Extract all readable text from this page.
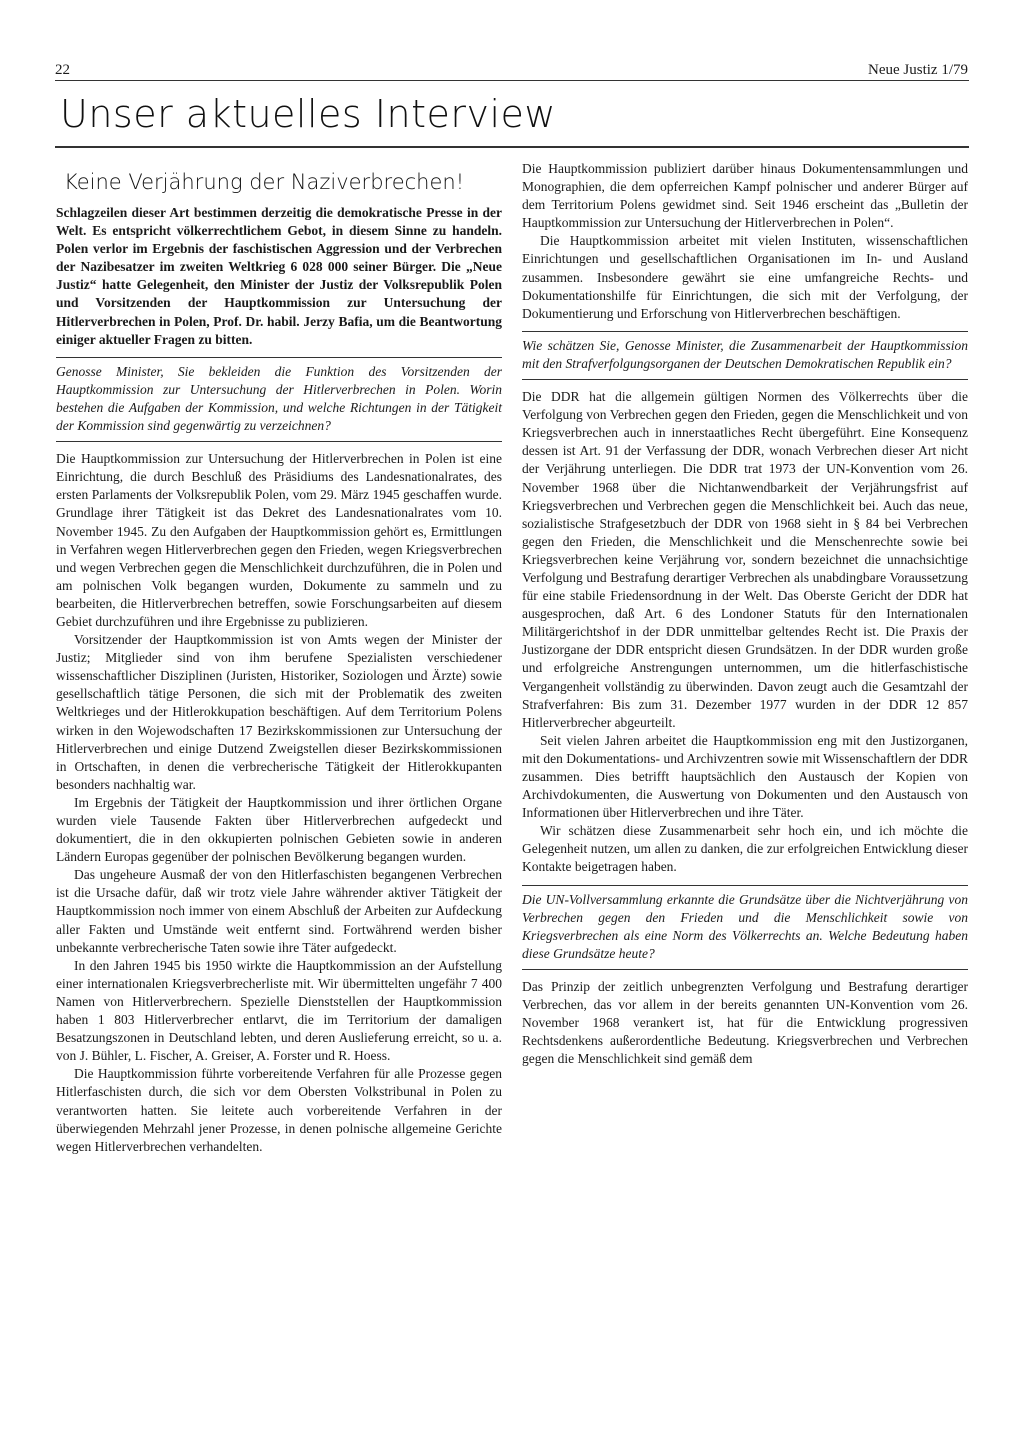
22	Neue Justiz 1/79
Unser aktuelles Interview
Keine Verjährung der Naziverbrechen!
Schlagzeilen dieser Art bestimmen derzeitig die demokratische Presse in der Welt. Es entspricht völkerrechtlichem Gebot, in diesem Sinne zu handeln. Polen verlor im Ergebnis der faschistischen Aggression und der Verbrechen der Nazibesatzer im zweiten Weltkrieg 6 028 000 seiner Bürger. Die „Neue Justiz“ hatte Gelegenheit, den Minister der Justiz der Volksrepublik Polen und Vorsitzenden der Hauptkommission zur Untersuchung der Hitlerverbrechen in Polen, Prof. Dr. habil. Jerzy Bafia, um die Beantwortung einiger aktueller Fragen zu bitten.
Genosse Minister, Sie bekleiden die Funktion des Vorsitzenden der Hauptkommission zur Untersuchung der Hitlerverbrechen in Polen. Worin bestehen die Aufgaben der Kommission, und welche Richtungen in der Tätigkeit der Kommission sind gegenwärtig zu verzeichnen?

Die Hauptkommission zur Untersuchung der Hitlerverbrechen in Polen ist eine Einrichtung, die durch Beschluß des Präsidiums des Landesnationalrates, des ersten Parlaments der Volksrepublik Polen, vom 29. März 1945 geschaffen wurde. Grundlage ihrer Tätigkeit ist das Dekret des Landesnationalrates vom 10. November 1945. Zu den Aufgaben der Hauptkommission gehört es, Ermittlungen in Verfahren wegen Hitlerverbrechen gegen den Frieden, wegen Kriegsverbrechen und wegen Verbrechen gegen die Menschlichkeit durchzuführen, die in Polen und am polnischen Volk begangen wurden, Dokumente zu sammeln und zu bearbeiten, die Hitlerverbrechen betreffen, sowie Forschungsarbeiten auf diesem Gebiet durchzuführen und ihre Ergebnisse zu publizieren.

Vorsitzender der Hauptkommission ist von Amts wegen der Minister der Justiz; Mitglieder sind von ihm berufene Spezialisten verschiedener wissenschaftlicher Disziplinen (Juristen, Historiker, Soziologen und Ärzte) sowie gesellschaftlich tätige Personen, die sich mit der Problematik des zweiten Weltkrieges und der Hitlerokkupation beschäftigen. Auf dem Territorium Polens wirken in den Wojewodschaften 17 Bezirkskommissionen zur Untersuchung der Hitlerverbrechen und einige Dutzend Zweigstellen dieser Bezirkskommissionen in Ortschaften, in denen die verbrecherische Tätigkeit der Hitlerokkupanten besonders nachhaltig war.

Im Ergebnis der Tätigkeit der Hauptkommission und ihrer örtlichen Organe wurden viele Tausende Fakten über Hitlerverbrechen aufgedeckt und dokumentiert, die in den okkupierten polnischen Gebieten sowie in anderen Ländern Europas gegenüber der polnischen Bevölkerung begangen wurden.

Das ungeheure Ausmaß der von den Hitlerfaschisten begangenen Verbrechen ist die Ursache dafür, daß wir trotz viele Jahre währender aktiver Tätigkeit der Hauptkommission noch immer von einem Abschluß der Arbeiten zur Aufdeckung aller Fakten und Umstände weit entfernt sind. Fortwährend werden bisher unbekannte verbrecherische Taten sowie ihre Täter aufgedeckt.

In den Jahren 1945 bis 1950 wirkte die Hauptkommission an der Aufstellung einer internationalen Kriegsverbrecherliste mit. Wir übermittelten ungefähr 7 400 Namen von Hitlerverbrechern. Spezielle Dienststellen der Hauptkommission haben 1 803 Hitlerverbrecher entlarvt, die im Territorium der damaligen Besatzungszonen in Deutschland lebten, und deren Auslieferung erreicht, so u. a. von J. Bühler, L. Fischer, A. Greiser, A. Forster und R. Hoess.

Die Hauptkommission führte vorbereitende Verfahren für alle Prozesse gegen Hitlerfaschisten durch, die sich vor dem Obersten Volkstribunal in Polen zu verantworten hatten. Sie leitete auch vorbereitende Verfahren in der überwiegenden Mehrzahl jener Prozesse, in denen polnische allgemeine Gerichte wegen Hitlerverbrechen verhandelten.

Die Hauptkommission publiziert darüber hinaus Dokumentensammlungen und Monographien, die dem opferreichen Kampf polnischer und anderer Bürger auf dem Territorium Polens gewidmet sind. Seit 1946 erscheint das „Bulletin der Hauptkommission zur Untersuchung der Hitlerverbrechen in Polen“.

Die Hauptkommission arbeitet mit vielen Instituten, wissenschaftlichen Einrichtungen und gesellschaftlichen Organisationen im In- und Ausland zusammen. Insbesondere gewährt sie eine umfangreiche Rechts- und Dokumentationshilfe für Einrichtungen, die sich mit der Verfolgung, der Dokumentierung und Erforschung von Hitlerverbrechen beschäftigen.

Wie schätzen Sie, Genosse Minister, die Zusammenarbeit der Hauptkommission mit den Strafverfolgungsorganen der Deutschen Demokratischen Republik ein?

Die DDR hat die allgemein gültigen Normen des Völkerrechts über die Verfolgung von Verbrechen gegen den Frieden, gegen die Menschlichkeit und von Kriegsverbrechen auch in innerstaatliches Recht übergeführt. Eine Konsequenz dessen ist Art. 91 der Verfassung der DDR, wonach Verbrechen dieser Art nicht der Verjährung unterliegen. Die DDR trat 1973 der UN-Konvention vom 26. November 1968 über die Nichtanwendbarkeit der Verjährungsfrist auf Kriegsverbrechen und Verbrechen gegen die Menschlichkeit bei. Auch das neue, sozialistische Strafgesetzbuch der DDR von 1968 sieht in § 84 bei Verbrechen gegen den Frieden, die Menschlichkeit und die Menschenrechte sowie bei Kriegsverbrechen keine Verjährung vor, sondern bezeichnet die unnachsichtige Verfolgung und Bestrafung derartiger Verbrechen als unabdingbare Voraussetzung für eine stabile Friedensordnung in der Welt. Das Oberste Gericht der DDR hat ausgesprochen, daß Art. 6 des Londoner Statuts für den Internationalen Militärgerichtshof in der DDR unmittelbar geltendes Recht ist. Die Praxis der Justizorgane der DDR entspricht diesen Grundsätzen. In der DDR wurden große und erfolgreiche Anstrengungen unternommen, um die hitlerfaschistische Vergangenheit vollständig zu überwinden. Davon zeugt auch die Gesamtzahl der Strafverfahren: Bis zum 31. Dezember 1977 wurden in der DDR 12 857 Hitlerverbrecher abgeurteilt.

Seit vielen Jahren arbeitet die Hauptkommission eng mit den Justizorganen, mit den Dokumentations- und Archivzentren sowie mit Wissenschaftlern der DDR zusammen. Dies betrifft hauptsächlich den Austausch der Kopien von Archivdokumenten, die Auswertung von Dokumenten und den Austausch von Informationen über Hitlerverbrechen und ihre Täter.

Wir schätzen diese Zusammenarbeit sehr hoch ein, und ich möchte die Gelegenheit nutzen, um allen zu danken, die zur erfolgreichen Entwicklung dieser Kontakte beigetragen haben.

Die UN-Vollversammlung erkannte die Grundsätze über die Nichtverjährung von Verbrechen gegen den Frieden und die Menschlichkeit sowie von Kriegsverbrechen als eine Norm des Völkerrechts an. Welche Bedeutung haben diese Grundsätze heute?

Das Prinzip der zeitlich unbegrenzten Verfolgung und Bestrafung derartiger Verbrechen, das vor allem in der bereits genannten UN-Konvention vom 26. November 1968 verankert ist, hat für die Entwicklung progressiven Rechtsdenkens außerordentliche Bedeutung. Kriegsverbrechen und Verbrechen gegen die Menschlichkeit sind gemäß dem
